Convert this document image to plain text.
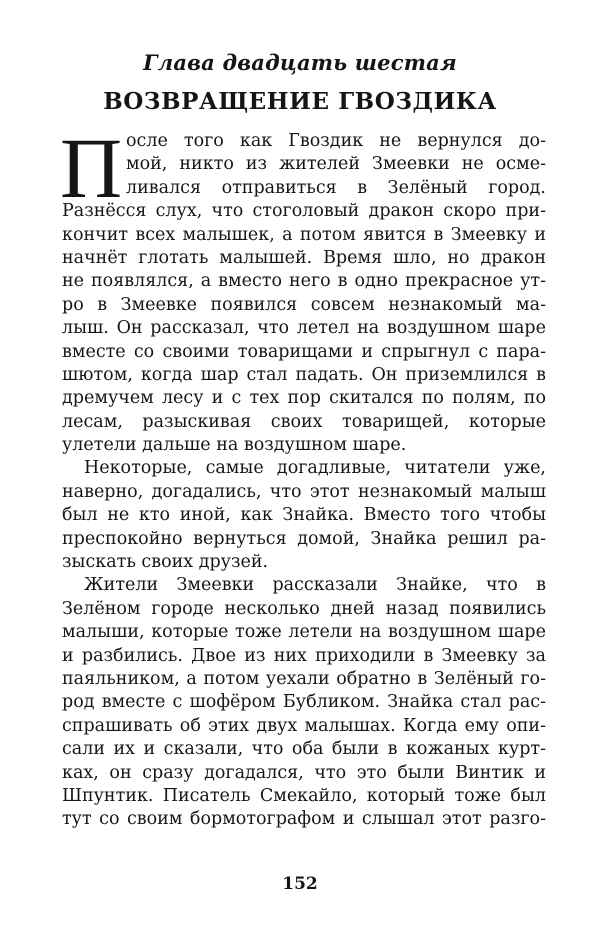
Глава двадцать шестая
ВОЗВРАЩЕНИЕ ГВОЗДИКА
П осле того как Гвоздик не вернулся до-
мой, никто из жителей Змеевки не осме-
ливался отправиться в Зелёный город.
Разнёсся слух, что стоголовый дракон скоро при-
кончит всех малышек, а потом явится в Змеевку и
начнёт глотать малышей. Время шло, но дракон
не появлялся, а вместо него в одно прекрасное ут-
ро в Змеевке появился совсем незнакомый ма-
лыш. Он рассказал, что летел на воздушном шаре
вместе со своими товарищами и спрыгнул с пара-
шютом, когда шар стал падать. Он приземлился в
дремучем лесу и с тех пор скитался по полям, по
лесам, разыскивая своих товарищей, которые
улетели дальше на воздушном шаре.
Некоторые, самые догадливые, читатели уже,
наверно, догадались, что этот незнакомый малыш
был не кто иной, как Знайка. Вместо того чтобы
преспокойно вернуться домой, Знайка решил ра-
зыскать своих друзей.
Жители Змеевки рассказали Знайке, что в
Зелёном городе несколько дней назад появились
малыши, которые тоже летели на воздушном шаре
и разбились. Двое из них приходили в Змеевку за
паяльником, а потом уехали обратно в Зелёный го-
род вместе с шофёром Бубликом. Знайка стал рас-
спрашивать об этих двух малышах. Когда ему опи-
сали их и сказали, что оба были в кожаных курт-
ках, он сразу догадался, что это были Винтик и
Шпунтик. Писатель Смекайло, который тоже был
тут со своим бормотографом и слышал этот разго-
152
